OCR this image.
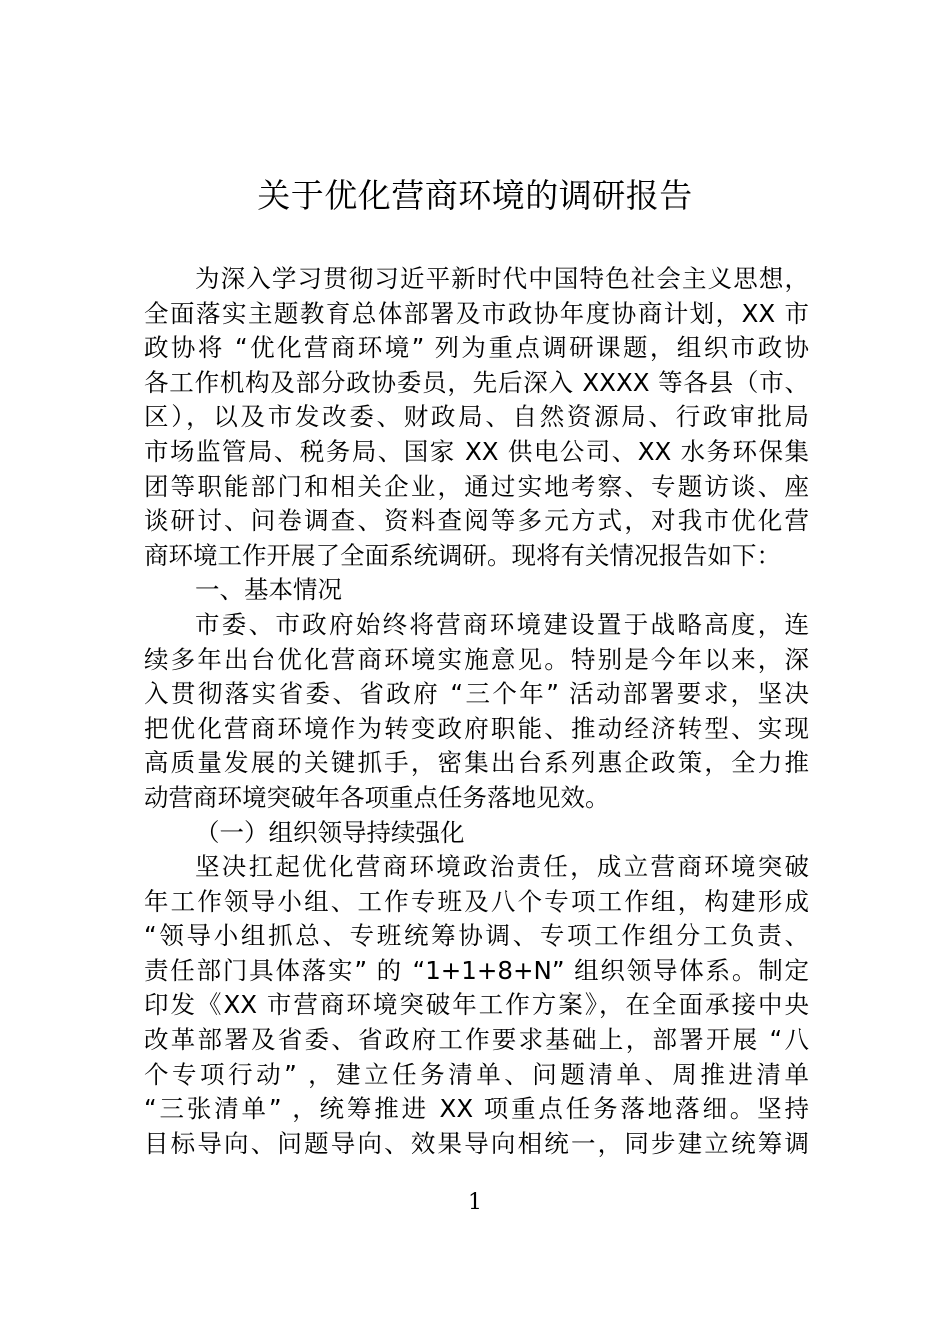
关于优化营商环境的调研报告
为深入学习贯彻习近平新时代中国特色社会主义思想，
全面落实主题教育总体部署及市政协年度协商计划，XX 市
政协将 “优化营商环境” 列为重点调研课题，组织市政协
各工作机构及部分政协委员，先后深入 XXXX 等各县（市、
区），以及市发改委、财政局、自然资源局、行政审批局
市场监管局、税务局、国家 XX 供电公司、XX 水务环保集
团等职能部门和相关企业，通过实地考察、专题访谈、座
谈研讨、问卷调查、资料查阅等多元方式，对我市优化营
商环境工作开展了全面系统调研。现将有关情况报告如下：
一、基本情况
市委、市政府始终将营商环境建设置于战略高度，连
续多年出台优化营商环境实施意见。特别是今年以来，深
入贯彻落实省委、省政府 “三个年” 活动部署要求，坚决
把优化营商环境作为转变政府职能、推动经济转型、实现
高质量发展的关键抓手，密集出台系列惠企政策，全力推
动营商环境突破年各项重点任务落地见效。
（一）组织领导持续强化
坚决扛起优化营商环境政治责任，成立营商环境突破
年工作领导小组、工作专班及八个专项工作组，构建形成
“领导小组抓总、专班统筹协调、专项工作组分工负责、
责任部门具体落实” 的 “1+1+8+N” 组织领导体系。制定
印发《XX 市营商环境突破年工作方案》，在全面承接中央
改革部署及省委、省政府工作要求基础上，部署开展 “八
个专项行动” ，建立任务清单、问题清单、周推进清单
“三张清单” ，统筹推进 XX 项重点任务落地落细。坚持
目标导向、问题导向、效果导向相统一，同步建立统筹调
1
